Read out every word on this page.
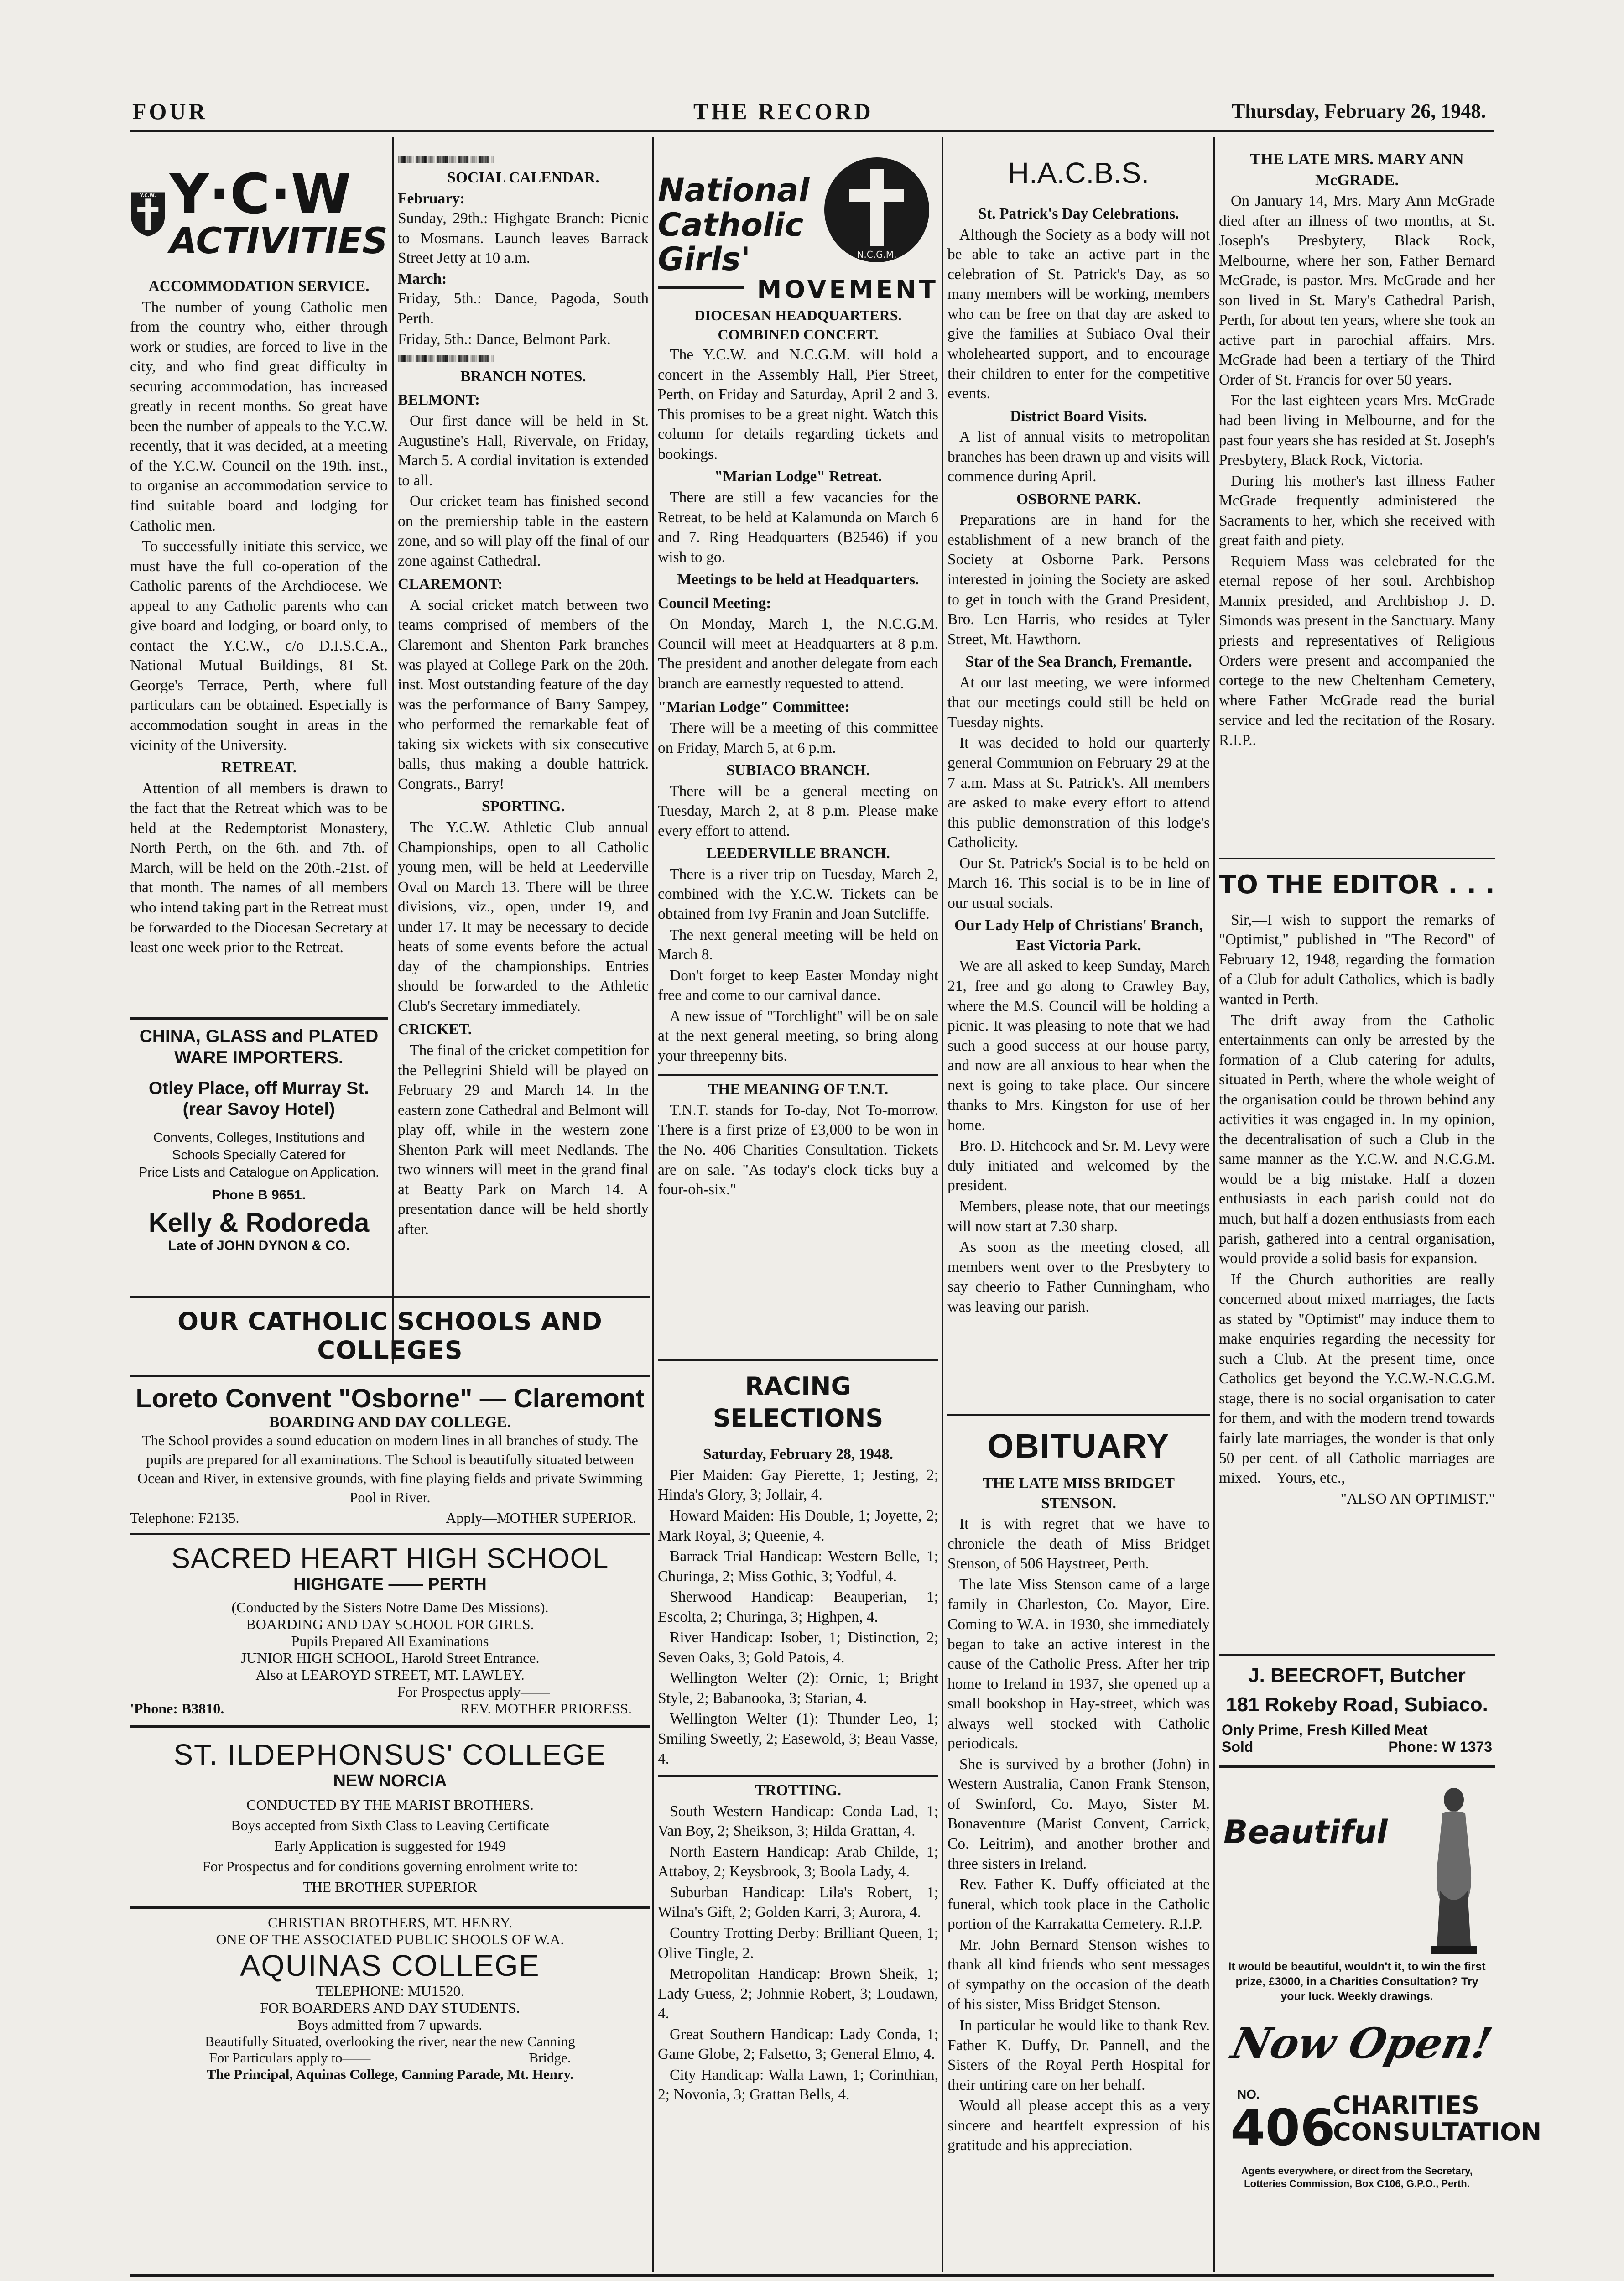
FOUR	THE RECORD	Thursday, February 26, 1948.
Y.C.W. Y·C·W
ACTIVITIES

ACCOMMODATION SERVICE.

The number of young Catholic men from the country who, either through work or studies, are forced to live in the city, and who find great difficulty in securing accommodation, has increased greatly in recent months. So great have been the number of appeals to the Y.C.W. recently, that it was decided, at a meeting of the Y.C.W. Council on the 19th. inst., to organise an accommodation service to find suitable board and lodging for Catholic men.

To successfully initiate this service, we must have the full co-operation of the Catholic parents of the Archdiocese. We appeal to any Catholic parents who can give board and lodging, or board only, to contact the Y.C.W., c/o D.I.S.C.A., National Mutual Buildings, 81 St. George's Terrace, Perth, where full particulars can be obtained. Especially is accommodation sought in areas in the vicinity of the University.

RETREAT.

Attention of all members is drawn to the fact that the Retreat which was to be held at the Redemptorist Monastery, North Perth, on the 6th. and 7th. of March, will be held on the 20th.-21st. of that month. The names of all members who intend taking part in the Retreat must be forwarded to the Diocesan Secretary at least one week prior to the Retreat.

CHINA, GLASS and PLATED WARE IMPORTERS.

Otley Place, off Murray St. (rear Savoy Hotel)

Convents, Colleges, Institutions and Schools Specially Catered for

Price Lists and Catalogue on Application.

Phone B 9651.

Kelly & Rodoreda

Late of JOHN DYNON & CO.

‖‖‖‖‖‖‖‖‖‖‖‖‖‖‖‖‖‖‖‖‖‖‖‖‖‖‖‖‖‖‖‖‖‖‖‖‖‖‖‖‖‖‖‖‖‖‖‖‖‖

SOCIAL CALENDAR.

February:

Sunday, 29th.: Highgate Branch: Picnic to Mosmans. Launch leaves Barrack Street Jetty at 10 a.m.

March:

Friday, 5th.: Dance, Pagoda, South Perth.

Friday, 5th.: Dance, Belmont Park.

‖‖‖‖‖‖‖‖‖‖‖‖‖‖‖‖‖‖‖‖‖‖‖‖‖‖‖‖‖‖‖‖‖‖‖‖‖‖‖‖‖‖‖‖‖‖‖‖‖‖

BRANCH NOTES.

BELMONT:

Our first dance will be held in St. Augustine's Hall, Rivervale, on Friday, March 5. A cordial invitation is extended to all.

Our cricket team has finished second on the premiership table in the eastern zone, and so will play off the final of our zone against Cathedral.

CLAREMONT:

A social cricket match between two teams comprised of members of the Claremont and Shenton Park branches was played at College Park on the 20th. inst. Most outstanding feature of the day was the performance of Barry Sampey, who performed the remarkable feat of taking six wickets with six consecutive balls, thus making a double hattrick. Congrats., Barry!

SPORTING.

The Y.C.W. Athletic Club annual Championships, open to all Catholic young men, will be held at Leederville Oval on March 13. There will be three divisions, viz., open, under 19, and under 17. It may be necessary to decide heats of some events before the actual day of the championships. Entries should be forwarded to the Athletic Club's Secretary immediately.

CRICKET.

The final of the cricket competition for the Pellegrini Shield will be played on February 29 and March 14. In the eastern zone Cathedral and Belmont will play off, while in the western zone Shenton Park will meet Nedlands. The two winners will meet in the grand final at Beatty Park on March 14. A presentation dance will be held shortly after.

National
Catholic
Girls'	N.C.G.M.
MOVEMENT

DIOCESAN HEADQUARTERS. COMBINED CONCERT.

The Y.C.W. and N.C.G.M. will hold a concert in the Assembly Hall, Pier Street, Perth, on Friday and Saturday, April 2 and 3. This promises to be a great night. Watch this column for details regarding tickets and bookings.

"Marian Lodge" Retreat.

There are still a few vacancies for the Retreat, to be held at Kalamunda on March 6 and 7. Ring Headquarters (B2546) if you wish to go.

Meetings to be held at Headquarters.

Council Meeting:

On Monday, March 1, the N.C.G.M. Council will meet at Headquarters at 8 p.m. The president and another delegate from each branch are earnestly requested to attend.

"Marian Lodge" Committee:

There will be a meeting of this committee on Friday, March 5, at 6 p.m.

SUBIACO BRANCH.

There will be a general meeting on Tuesday, March 2, at 8 p.m. Please make every effort to attend.

LEEDERVILLE BRANCH.

There is a river trip on Tuesday, March 2, combined with the Y.C.W. Tickets can be obtained from Ivy Franin and Joan Sutcliffe.

The next general meeting will be held on March 8.

Don't forget to keep Easter Monday night free and come to our carnival dance.

A new issue of "Torchlight" will be on sale at the next general meeting, so bring along your threepenny bits.

THE MEANING OF T.N.T.

T.N.T. stands for To-day, Not To-morrow. There is a first prize of £3,000 to be won in the No. 406 Charities Consultation. Tickets are on sale. "As today's clock ticks buy a four-oh-six."

RACING SELECTIONS

Saturday, February 28, 1948.

Pier Maiden: Gay Pierette, 1; Jesting, 2; Hinda's Glory, 3; Jollair, 4.

Howard Maiden: His Double, 1; Joyette, 2; Mark Royal, 3; Queenie, 4.

Barrack Trial Handicap: Western Belle, 1; Churinga, 2; Miss Gothic, 3; Yodful, 4.

Sherwood Handicap: Beauperian, 1; Escolta, 2; Churinga, 3; Highpen, 4.

River Handicap: Isober, 1; Distinction, 2; Seven Oaks, 3; Gold Patois, 4.

Wellington Welter (2): Ornic, 1; Bright Style, 2; Babanooka, 3; Starian, 4.

Wellington Welter (1): Thunder Leo, 1; Smiling Sweetly, 2; Easewold, 3; Beau Vasse, 4.

TROTTING.

South Western Handicap: Conda Lad, 1; Van Boy, 2; Sheikson, 3; Hilda Grattan, 4.

North Eastern Handicap: Arab Childe, 1; Attaboy, 2; Keysbrook, 3; Boola Lady, 4.

Suburban Handicap: Lila's Robert, 1; Wilna's Gift, 2; Golden Karri, 3; Aurora, 4.

Country Trotting Derby: Brilliant Queen, 1; Olive Tingle, 2.

Metropolitan Handicap: Brown Sheik, 1; Lady Guess, 2; Johnnie Robert, 3; Loudawn, 4.

Great Southern Handicap: Lady Conda, 1; Game Globe, 2; Falsetto, 3; General Elmo, 4.

City Handicap: Walla Lawn, 1; Corinthian, 2; Novonia, 3; Grattan Bells, 4.

H.A.C.B.S.

St. Patrick's Day Celebrations.

Although the Society as a body will not be able to take an active part in the celebration of St. Patrick's Day, as so many members will be working, members who can be free on that day are asked to give the families at Subiaco Oval their wholehearted support, and to encourage their children to enter for the competitive events.

District Board Visits.

A list of annual visits to metropolitan branches has been drawn up and visits will commence during April.

OSBORNE PARK.

Preparations are in hand for the establishment of a new branch of the Society at Osborne Park. Persons interested in joining the Society are asked to get in touch with the Grand President, Bro. Len Harris, who resides at Tyler Street, Mt. Hawthorn.

Star of the Sea Branch, Fremantle.

At our last meeting, we were informed that our meetings could still be held on Tuesday nights.

It was decided to hold our quarterly general Communion on February 29 at the 7 a.m. Mass at St. Patrick's. All members are asked to make every effort to attend this public demonstration of this lodge's Catholicity.

Our St. Patrick's Social is to be held on March 16. This social is to be in line of our usual socials.

Our Lady Help of Christians' Branch, East Victoria Park.

We are all asked to keep Sunday, March 21, free and go along to Crawley Bay, where the M.S. Council will be holding a picnic. It was pleasing to note that we had such a good success at our house party, and now are all anxious to hear when the next is going to take place. Our sincere thanks to Mrs. Kingston for use of her home.

Bro. D. Hitchcock and Sr. M. Levy were duly initiated and welcomed by the president.

Members, please note, that our meetings will now start at 7.30 sharp.

As soon as the meeting closed, all members went over to the Presbytery to say cheerio to Father Cunningham, who was leaving our parish.

OBITUARY

THE LATE MISS BRIDGET STENSON.

It is with regret that we have to chronicle the death of Miss Bridget Stenson, of 506 Haystreet, Perth.

The late Miss Stenson came of a large family in Charleston, Co. Mayor, Eire. Coming to W.A. in 1930, she immediately began to take an active interest in the cause of the Catholic Press. After her trip home to Ireland in 1937, she opened up a small bookshop in Hay-street, which was always well stocked with Catholic periodicals.

She is survived by a brother (John) in Western Australia, Canon Frank Stenson, of Swinford, Co. Mayo, Sister M. Bonaventure (Marist Convent, Carrick, Co. Leitrim), and another brother and three sisters in Ireland.

Rev. Father K. Duffy officiated at the funeral, which took place in the Catholic portion of the Karrakatta Cemetery. R.I.P.

Mr. John Bernard Stenson wishes to thank all kind friends who sent messages of sympathy on the occasion of the death of his sister, Miss Bridget Stenson.

In particular he would like to thank Rev. Father K. Duffy, Dr. Pannell, and the Sisters of the Royal Perth Hospital for their untiring care on her behalf.

Would all please accept this as a very sincere and heartfelt expression of his gratitude and his appreciation.

THE LATE MRS. MARY ANN McGRADE.

On January 14, Mrs. Mary Ann McGrade died after an illness of two months, at St. Joseph's Presbytery, Black Rock, Melbourne, where her son, Father Bernard McGrade, is pastor. Mrs. McGrade and her son lived in St. Mary's Cathedral Parish, Perth, for about ten years, where she took an active part in parochial affairs. Mrs. McGrade had been a tertiary of the Third Order of St. Francis for over 50 years.

For the last eighteen years Mrs. McGrade had been living in Melbourne, and for the past four years she has resided at St. Joseph's Presbytery, Black Rock, Victoria.

During his mother's last illness Father McGrade frequently administered the Sacraments to her, which she received with great faith and piety.

Requiem Mass was celebrated for the eternal repose of her soul. Archbishop Mannix presided, and Archbishop J. D. Simonds was present in the Sanctuary. Many priests and representatives of Religious Orders were present and accompanied the cortege to the new Cheltenham Cemetery, where Father McGrade read the burial service and led the recitation of the Rosary. R.I.P..

TO THE EDITOR . . .

Sir,—I wish to support the remarks of "Optimist," published in "The Record" of February 12, 1948, regarding the formation of a Club for adult Catholics, which is badly wanted in Perth.

The drift away from the Catholic entertainments can only be arrested by the formation of a Club catering for adults, situated in Perth, where the whole weight of the organisation could be thrown behind any activities it was engaged in. In my opinion, the decentralisation of such a Club in the same manner as the Y.C.W. and N.C.G.M. would be a big mistake. Half a dozen enthusiasts in each parish could not do much, but half a dozen enthusiasts from each parish, gathered into a central organisation, would provide a solid basis for expansion.

If the Church authorities are really concerned about mixed marriages, the facts as stated by "Optimist" may induce them to make enquiries regarding the necessity for such a Club. At the present time, once Catholics get beyond the Y.C.W.-N.C.G.M. stage, there is no social organisation to cater for them, and with the modern trend towards fairly late marriages, the wonder is that only 50 per cent. of all Catholic marriages are mixed.—Yours, etc.,

"ALSO AN OPTIMIST."

J. BEECROFT, Butcher
181 Rokeby Road, Subiaco.
Only Prime, Fresh Killed Meat
Sold	Phone: W 1373
Beautiful
It would be beautiful, wouldn't it, to win the first prize, £3000, in a Charities Consultation? Try your luck. Weekly drawings.
Now Open!
NO.
406
CHARITIES
CONSULTATION
Agents everywhere, or direct from the Secretary, Lotteries Commission, Box C106, G.P.O., Perth.
OUR CATHOLIC SCHOOLS AND COLLEGES
Loreto Convent "Osborne" — Claremont
BOARDING AND DAY COLLEGE.
The School provides a sound education on modern lines in all branches of study. The pupils are prepared for all examinations. The School is beautifully situated between Ocean and River, in extensive grounds, with fine playing fields and private Swimming Pool in River.
Telephone: F2135.	Apply—MOTHER SUPERIOR.
SACRED HEART HIGH SCHOOL
HIGHGATE —— PERTH
(Conducted by the Sisters Notre Dame Des Missions).
BOARDING AND DAY SCHOOL FOR GIRLS.
Pupils Prepared All Examinations
JUNIOR HIGH SCHOOL, Harold Street Entrance.
Also at LEAROYD STREET, MT. LAWLEY.
For Prospectus apply——
'Phone: B3810.	REV. MOTHER PRIORESS.
ST. ILDEPHONSUS' COLLEGE
NEW NORCIA
CONDUCTED BY THE MARIST BROTHERS.
Boys accepted from Sixth Class to Leaving Certificate
Early Application is suggested for 1949
For Prospectus and for conditions governing enrolment write to:
THE BROTHER SUPERIOR
CHRISTIAN BROTHERS, MT. HENRY.
ONE OF THE ASSOCIATED PUBLIC SHOOLS OF W.A.
AQUINAS COLLEGE
TELEPHONE: MU1520.
FOR BOARDERS AND DAY STUDENTS.
Boys admitted from 7 upwards.
Beautifully Situated, overlooking the river, near the new Canning
For Particulars apply to——	Bridge.
The Principal, Aquinas College, Canning Parade, Mt. Henry.
